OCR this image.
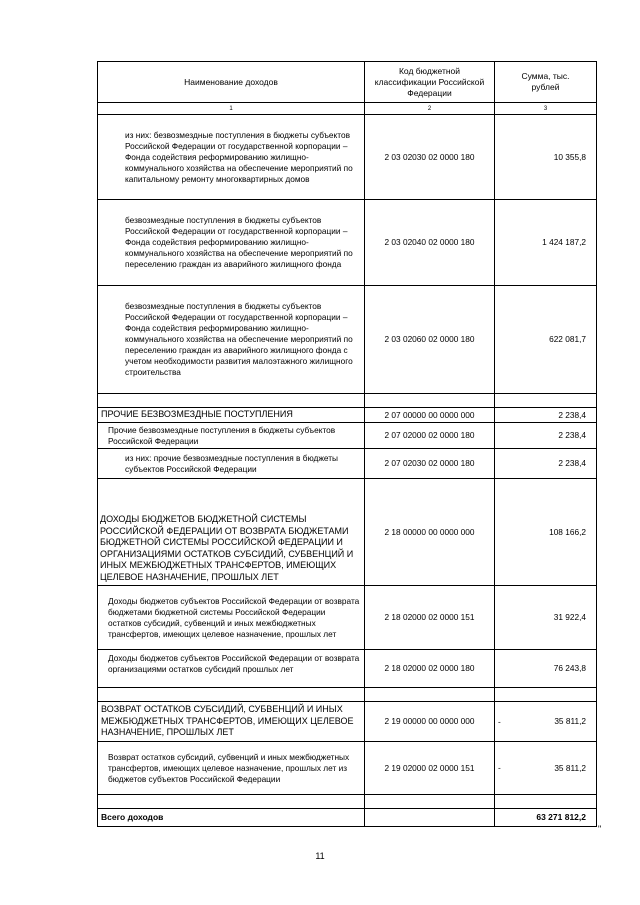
Наименование доходов	Код бюджетной классификации Российской Федерации	Сумма, тыс. рублей
1	2	3
из них: безвозмездные поступления в бюджеты субъектов Российской Федерации от государственной корпорации – Фонда содействия реформированию жилищно-коммунального хозяйства на обеспечение мероприятий по капитальному ремонту многоквартирных домов	2 03 02030 02 0000 180	10 355,8
безвозмездные поступления в бюджеты субъектов Российской Федерации от государственной корпорации – Фонда содействия реформированию жилищно-коммунального хозяйства на обеспечение мероприятий по переселению граждан из аварийного жилищного фонда	2 03 02040 02 0000 180	1 424 187,2
безвозмездные поступления в бюджеты субъектов Российской Федерации от государственной корпорации – Фонда содействия реформированию жилищно-коммунального хозяйства на обеспечение мероприятий по переселению граждан из аварийного жилищного фонда с учетом необходимости развития малоэтажного жилищного строительства	2 03 02060 02 0000 180	622 081,7

ПРОЧИЕ БЕЗВОЗМЕЗДНЫЕ ПОСТУПЛЕНИЯ	2 07 00000 00 0000 000	2 238,4
Прочие безвозмездные поступления в бюджеты субъектов Российской Федерации	2 07 02000 02 0000 180	2 238,4
из них: прочие безвозмездные поступления в бюджеты субъектов Российской Федерации	2 07 02030 02 0000 180	2 238,4
ДОХОДЫ БЮДЖЕТОВ БЮДЖЕТНОЙ СИСТЕМЫ РОССИЙСКОЙ ФЕДЕРАЦИИ ОТ ВОЗВРАТА БЮДЖЕТАМИ БЮДЖЕТНОЙ СИСТЕМЫ РОССИЙСКОЙ ФЕДЕРАЦИИ И ОРГАНИЗАЦИЯМИ ОСТАТКОВ СУБСИДИЙ, СУБВЕНЦИЙ И ИНЫХ МЕЖБЮДЖЕТНЫХ ТРАНСФЕРТОВ, ИМЕЮЩИХ ЦЕЛЕВОЕ НАЗНАЧЕНИЕ, ПРОШЛЫХ ЛЕТ	2 18 00000 00 0000 000	108 166,2
Доходы бюджетов субъектов Российской Федерации от возврата бюджетами бюджетной системы Российской Федерации остатков субсидий, субвенций и иных межбюджетных трансфертов, имеющих целевое назначение, прошлых лет	2 18 02000 02 0000 151	31 922,4
Доходы бюджетов субъектов Российской Федерации от возврата организациями остатков субсидий прошлых лет	2 18 02000 02 0000 180	76 243,8

ВОЗВРАТ ОСТАТКОВ СУБСИДИЙ, СУБВЕНЦИЙ И ИНЫХ МЕЖБЮДЖЕТНЫХ ТРАНСФЕРТОВ, ИМЕЮЩИХ ЦЕЛЕВОЕ НАЗНАЧЕНИЕ, ПРОШЛЫХ ЛЕТ	2 19 00000 00 0000 000	- 35 811,2
Возврат остатков субсидий, субвенций и иных межбюджетных трансфертов, имеющих целевое назначение, прошлых лет из бюджетов субъектов Российской Федерации	2 19 02000 02 0000 151	- 35 811,2

Всего доходов		63 271 812,2
"
11
